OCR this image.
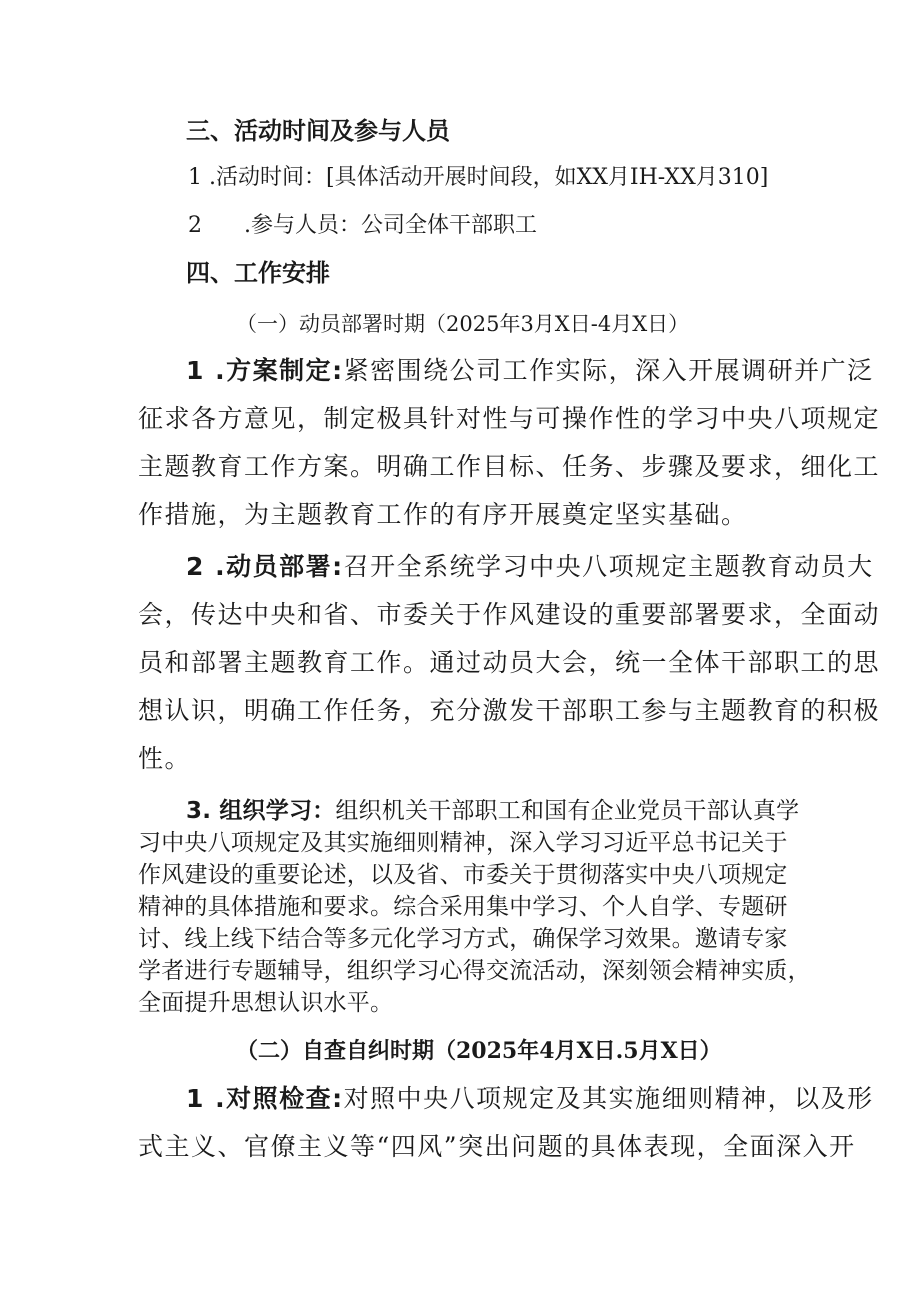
三、活动时间及参与人员
1 .活动时间：[具体活动开展时间段，如XX月IH-XX月310]
2 .参与人员：公司全体干部职工
四、工作安排
（一）动员部署时期（2025年3月X日-4月X日）
1 .方案制定:紧密围绕公司工作实际，深入开展调研并广泛
征求各方意见，制定极具针对性与可操作性的学习中央八项规定
主题教育工作方案。明确工作目标、任务、步骤及要求，细化工
作措施，为主题教育工作的有序开展奠定坚实基础。
2 .动员部署:召开全系统学习中央八项规定主题教育动员大
会，传达中央和省、市委关于作风建设的重要部署要求，全面动
员和部署主题教育工作。通过动员大会，统一全体干部职工的思
想认识，明确工作任务，充分激发干部职工参与主题教育的积极
性。
3. 组织学习：组织机关干部职工和国有企业党员干部认真学
习中央八项规定及其实施细则精神，深入学习习近平总书记关于
作风建设的重要论述，以及省、市委关于贯彻落实中央八项规定
精神的具体措施和要求。综合采用集中学习、个人自学、专题研
讨、线上线下结合等多元化学习方式，确保学习效果。邀请专家
学者进行专题辅导，组织学习心得交流活动，深刻领会精神实质，
全面提升思想认识水平。
（二）自查自纠时期（2025年4月X日.5月X日）
1 .对照检查:对照中央八项规定及其实施细则精神，以及形
式主义、官僚主义等“四风”突出问题的具体表现，全面深入开
